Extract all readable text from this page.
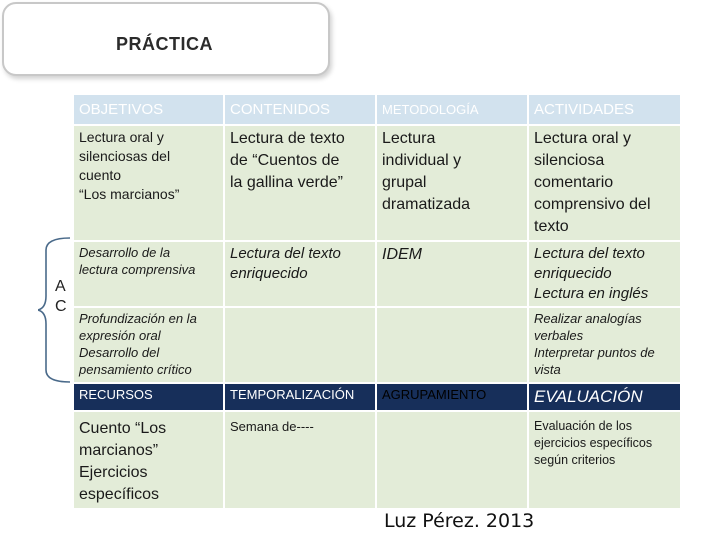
PRÁCTICA
A
C
OBJETIVOS	CONTENIDOS	METODOLOGÍA	ACTIVIDADES

Lectura oral y
silenciosas del
cuento
“Los marcianos”	Lectura de texto
de “Cuentos de
la gallina verde”	Lectura
individual y
grupal
dramatizada	Lectura oral y
silenciosa
comentario
comprensivo del
texto

Desarrollo de la
lectura comprensiva	Lectura del texto
enriquecido	IDEM	Lectura del texto
enriquecido
Lectura en inglés

Profundización en la
expresión oral
Desarrollo del
pensamiento crítico			Realizar analogías
verbales
Interpretar puntos de
vista

RECURSOS	TEMPORALIZACIÓN	AGRUPAMIENTO	EVALUACIÓN

Cuento “Los
marcianos”
Ejercicios
específicos	Semana de----		Evaluación de los
ejercicios específicos
según criterios
Luz Pérez. 2013
